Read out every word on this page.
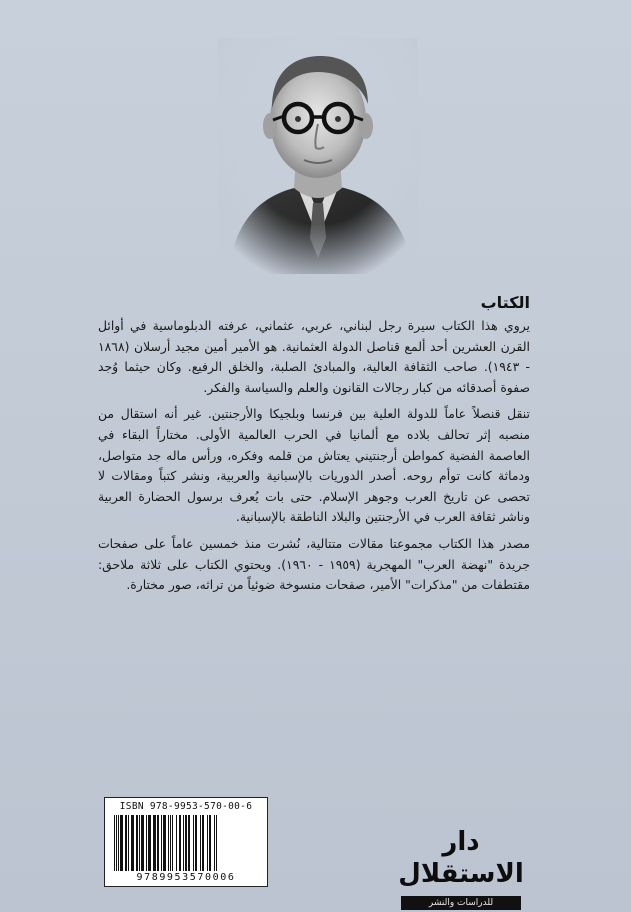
الكتاب

يروي هذا الكتاب سيرة رجل لبناني، عربي، عثماني، عرفته الدبلوماسية في أوائل القرن العشرين أحد ألمع قناصل الدولة العثمانية. هو الأمير أمين مجيد أرسلان (١٨٦٨ - ١٩٤٣). صاحب الثقافة العالية، والمبادئ الصلبة، والخلق الرفيع. وكان حيثما وُجد صفوة أصدقائه من كبار رجالات القانون والعلم والسياسة والفكر.

تنقل قنصلاً عاماً للدولة العلية بين فرنسا وبلجيكا والأرجنتين. غير أنه استقال من منصبه إثر تحالف بلاده مع ألمانيا في الحرب العالمية الأولى. مختاراً البقاء في العاصمة الفضية كمواطن أرجنتيني يعتاش من قلمه وفكره، ورأس ماله جد متواصل، ودماثة كانت توأم روحه. أصدر الدوريات بالإسبانية والعربية، ونشر كتباً ومقالات لا تحصى عن تاريخ العرب وجوهر الإسلام. حتى بات يُعرف برسول الحضارة العربية وناشر ثقافة العرب في الأرجنتين والبلاد الناطقة بالإسبانية.

مصدر هذا الكتاب مجموعتا مقالات متتالية، نُشرت منذ خمسين عاماً على صفحات جريدة "نهضة العرب" المهجرية (١٩٥٩ - ١٩٦٠). ويحتوي الكتاب على ثلاثة ملاحق: مقتطفات من "مذكرات" الأمير، صفحات منسوخة ضوئياً من تراثه، صور مختارة.

ISBN 978-9953-570-00-6
9789953570006
دار الاستقلال
للدراسات والنشر
